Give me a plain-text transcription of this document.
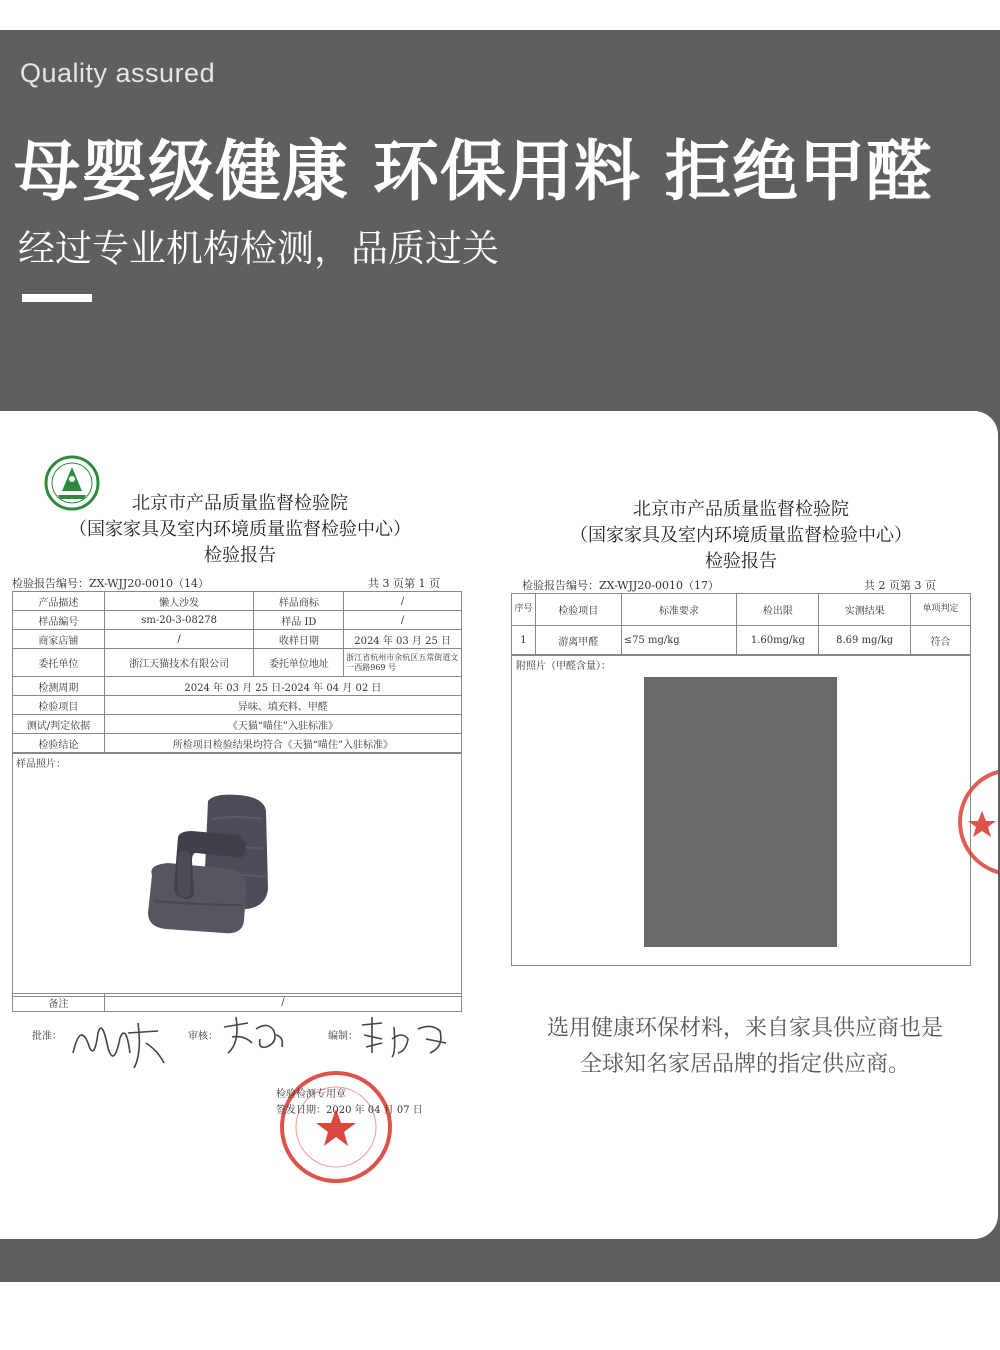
Quality assured
母婴级健康 环保用料 拒绝甲醛
经过专业机构检测，品质过关
北京市产品质量监督检验院
（国家家具及室内环境质量监督检验中心）
检验报告
检验报告编号：ZX-WJJ20-0010（14）	共 3 页第 1 页
产品描述	懒人沙发	样品商标	/
样品编号	sm-20-3-08278	样品 ID	/
商家店铺	/	收样日期	2024 年 03 月 25 日
委托单位	浙江天猫技术有限公司	委托单位地址	浙江省杭州市余杭区五常街道文一西路969 号
检测周期	2024 年 03 月 25 日-2024 年 04 月 02 日		
检验项目	异味、填充料、甲醛		
测试/判定依据	《天猫“喵住”入驻标准》		
检验结论	所检项目检验结果均符合《天猫“喵住”入驻标准》		
样品照片：
备注	/
批准：	审核：	编制：
检验检测专用章
签发日期：2020 年 04 月 07 日
北京市产品质量监督检验院
（国家家具及室内环境质量监督检验中心）
检验报告
检验报告编号：ZX-WJJ20-0010（17）	共 2 页第 3 页
序号	检验项目	标准要求	检出限	实测结果	单项判定
1	游离甲醛	≤75 mg/kg	1.60mg/kg	8.69 mg/kg	符合
附照片（甲醛含量）：
选用健康环保材料，来自家具供应商也是
全球知名家居品牌的指定供应商。
